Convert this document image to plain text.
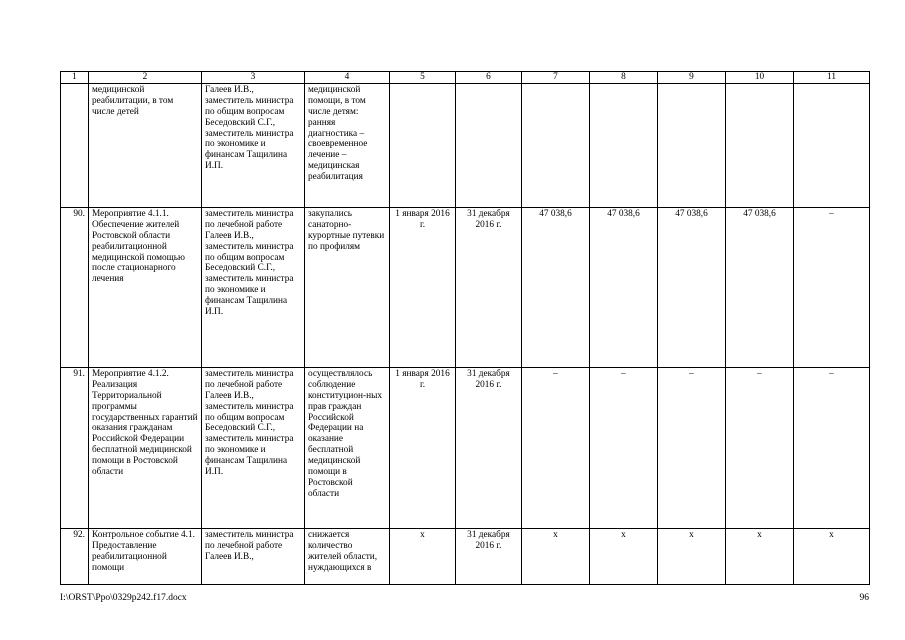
1	2	3	4	5	6	7	8	9	10	11
	медицинской реабилитации, в том числе детей	Галеев И.В., заместитель министра по общим вопросам Беседовский С.Г., заместитель министра по экономике и финансам Тащилина И.П.	медицинской помощи, в том числе детям: ранняя диагностика – своевременное лечение – медицинская реабилитация							
90.	Мероприятие 4.1.1. Обеспечение жителей Ростовской области реабилитационной медицинской помощью после стационарного лечения	заместитель министра по лечебной работе Галеев И.В., заместитель министра по общим вопросам Беседовский С.Г., заместитель министра по экономике и финансам Тащилина И.П.	закупались санаторно-курортные путевки по профилям	1 января 2016 г.	31 декабря 2016 г.	47 038,6	47 038,6	47 038,6	47 038,6	–
91.	Мероприятие 4.1.2. Реализация Территориальной программы государственных гарантий оказания гражданам Российской Федерации бесплатной медицинской помощи в Ростовской области	заместитель министра по лечебной работе Галеев И.В., заместитель министра по общим вопросам Беседовский С.Г., заместитель министра по экономике и финансам Тащилина И.П.	осуществлялось соблюдение конституцион-ных прав граждан Российской Федерации на оказание бесплатной медицинской помощи в Ростовской области	1 января 2016 г.	31 декабря 2016 г.	–	–	–	–	–
92.	Контрольное событие 4.1. Предоставление реабилитационной помощи	заместитель министра по лечебной работе Галеев И.В.,	снижается количество жителей области, нуждающихся в	х	31 декабря 2016 г.	х	х	х	х	х
I:\ORST\Ppo\0329p242.f17.docx	96
